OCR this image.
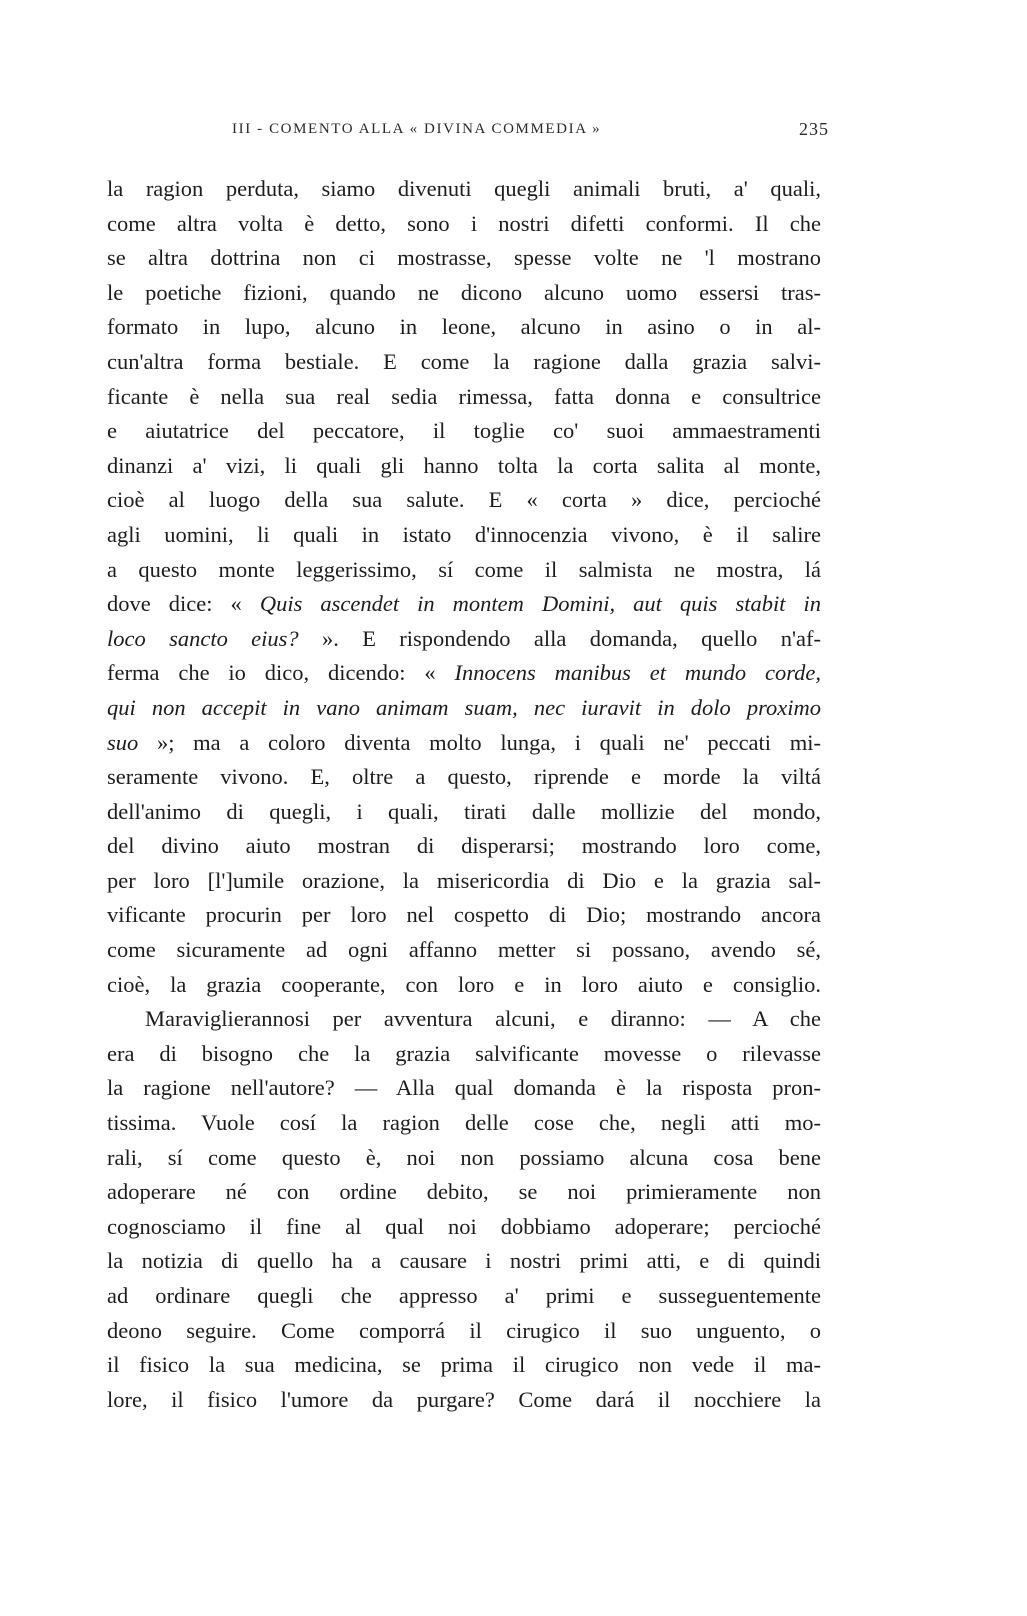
III - COMENTO ALLA « DIVINA COMMEDIA »	235
la ragion perduta, siamo divenuti quegli animali bruti, a' quali,
come altra volta è detto, sono i nostri difetti conformi. Il che
se altra dottrina non ci mostrasse, spesse volte ne 'l mostrano
le poetiche fizioni, quando ne dicono alcuno uomo essersi tras-
formato in lupo, alcuno in leone, alcuno in asino o in al-
cun'altra forma bestiale. E come la ragione dalla grazia salvi-
ficante è nella sua real sedia rimessa, fatta donna e consultrice
e aiutatrice del peccatore, il toglie co' suoi ammaestramenti
dinanzi a' vizi, li quali gli hanno tolta la corta salita al monte,
cioè al luogo della sua salute. E « corta » dice, percioché
agli uomini, li quali in istato d'innocenzia vivono, è il salire
a questo monte leggerissimo, sí come il salmista ne mostra, lá
dove dice: « Quis ascendet in montem Domini, aut quis stabit in
loco sancto eius? ». E rispondendo alla domanda, quello n'af-
ferma che io dico, dicendo: « Innocens manibus et mundo corde,
qui non accepit in vano animam suam, nec iuravit in dolo proximo
suo »; ma a coloro diventa molto lunga, i quali ne' peccati mi-
seramente vivono. E, oltre a questo, riprende e morde la viltá
dell'animo di quegli, i quali, tirati dalle mollizie del mondo,
del divino aiuto mostran di disperarsi; mostrando loro come,
per loro [l']umile orazione, la misericordia di Dio e la grazia sal-
vificante procurin per loro nel cospetto di Dio; mostrando ancora
come sicuramente ad ogni affanno metter si possano, avendo sé,
cioè, la grazia cooperante, con loro e in loro aiuto e consiglio.
Maraviglierannosi per avventura alcuni, e diranno: — A che
era di bisogno che la grazia salvificante movesse o rilevasse
la ragione nell'autore? — Alla qual domanda è la risposta pron-
tissima. Vuole cosí la ragion delle cose che, negli atti mo-
rali, sí come questo è, noi non possiamo alcuna cosa bene
adoperare né con ordine debito, se noi primieramente non
cognosciamo il fine al qual noi dobbiamo adoperare; percioché
la notizia di quello ha a causare i nostri primi atti, e di quindi
ad ordinare quegli che appresso a' primi e susseguentemente
deono seguire. Come comporrá il cirugico il suo unguento, o
il fisico la sua medicina, se prima il cirugico non vede il ma-
lore, il fisico l'umore da purgare? Come dará il nocchiere la
